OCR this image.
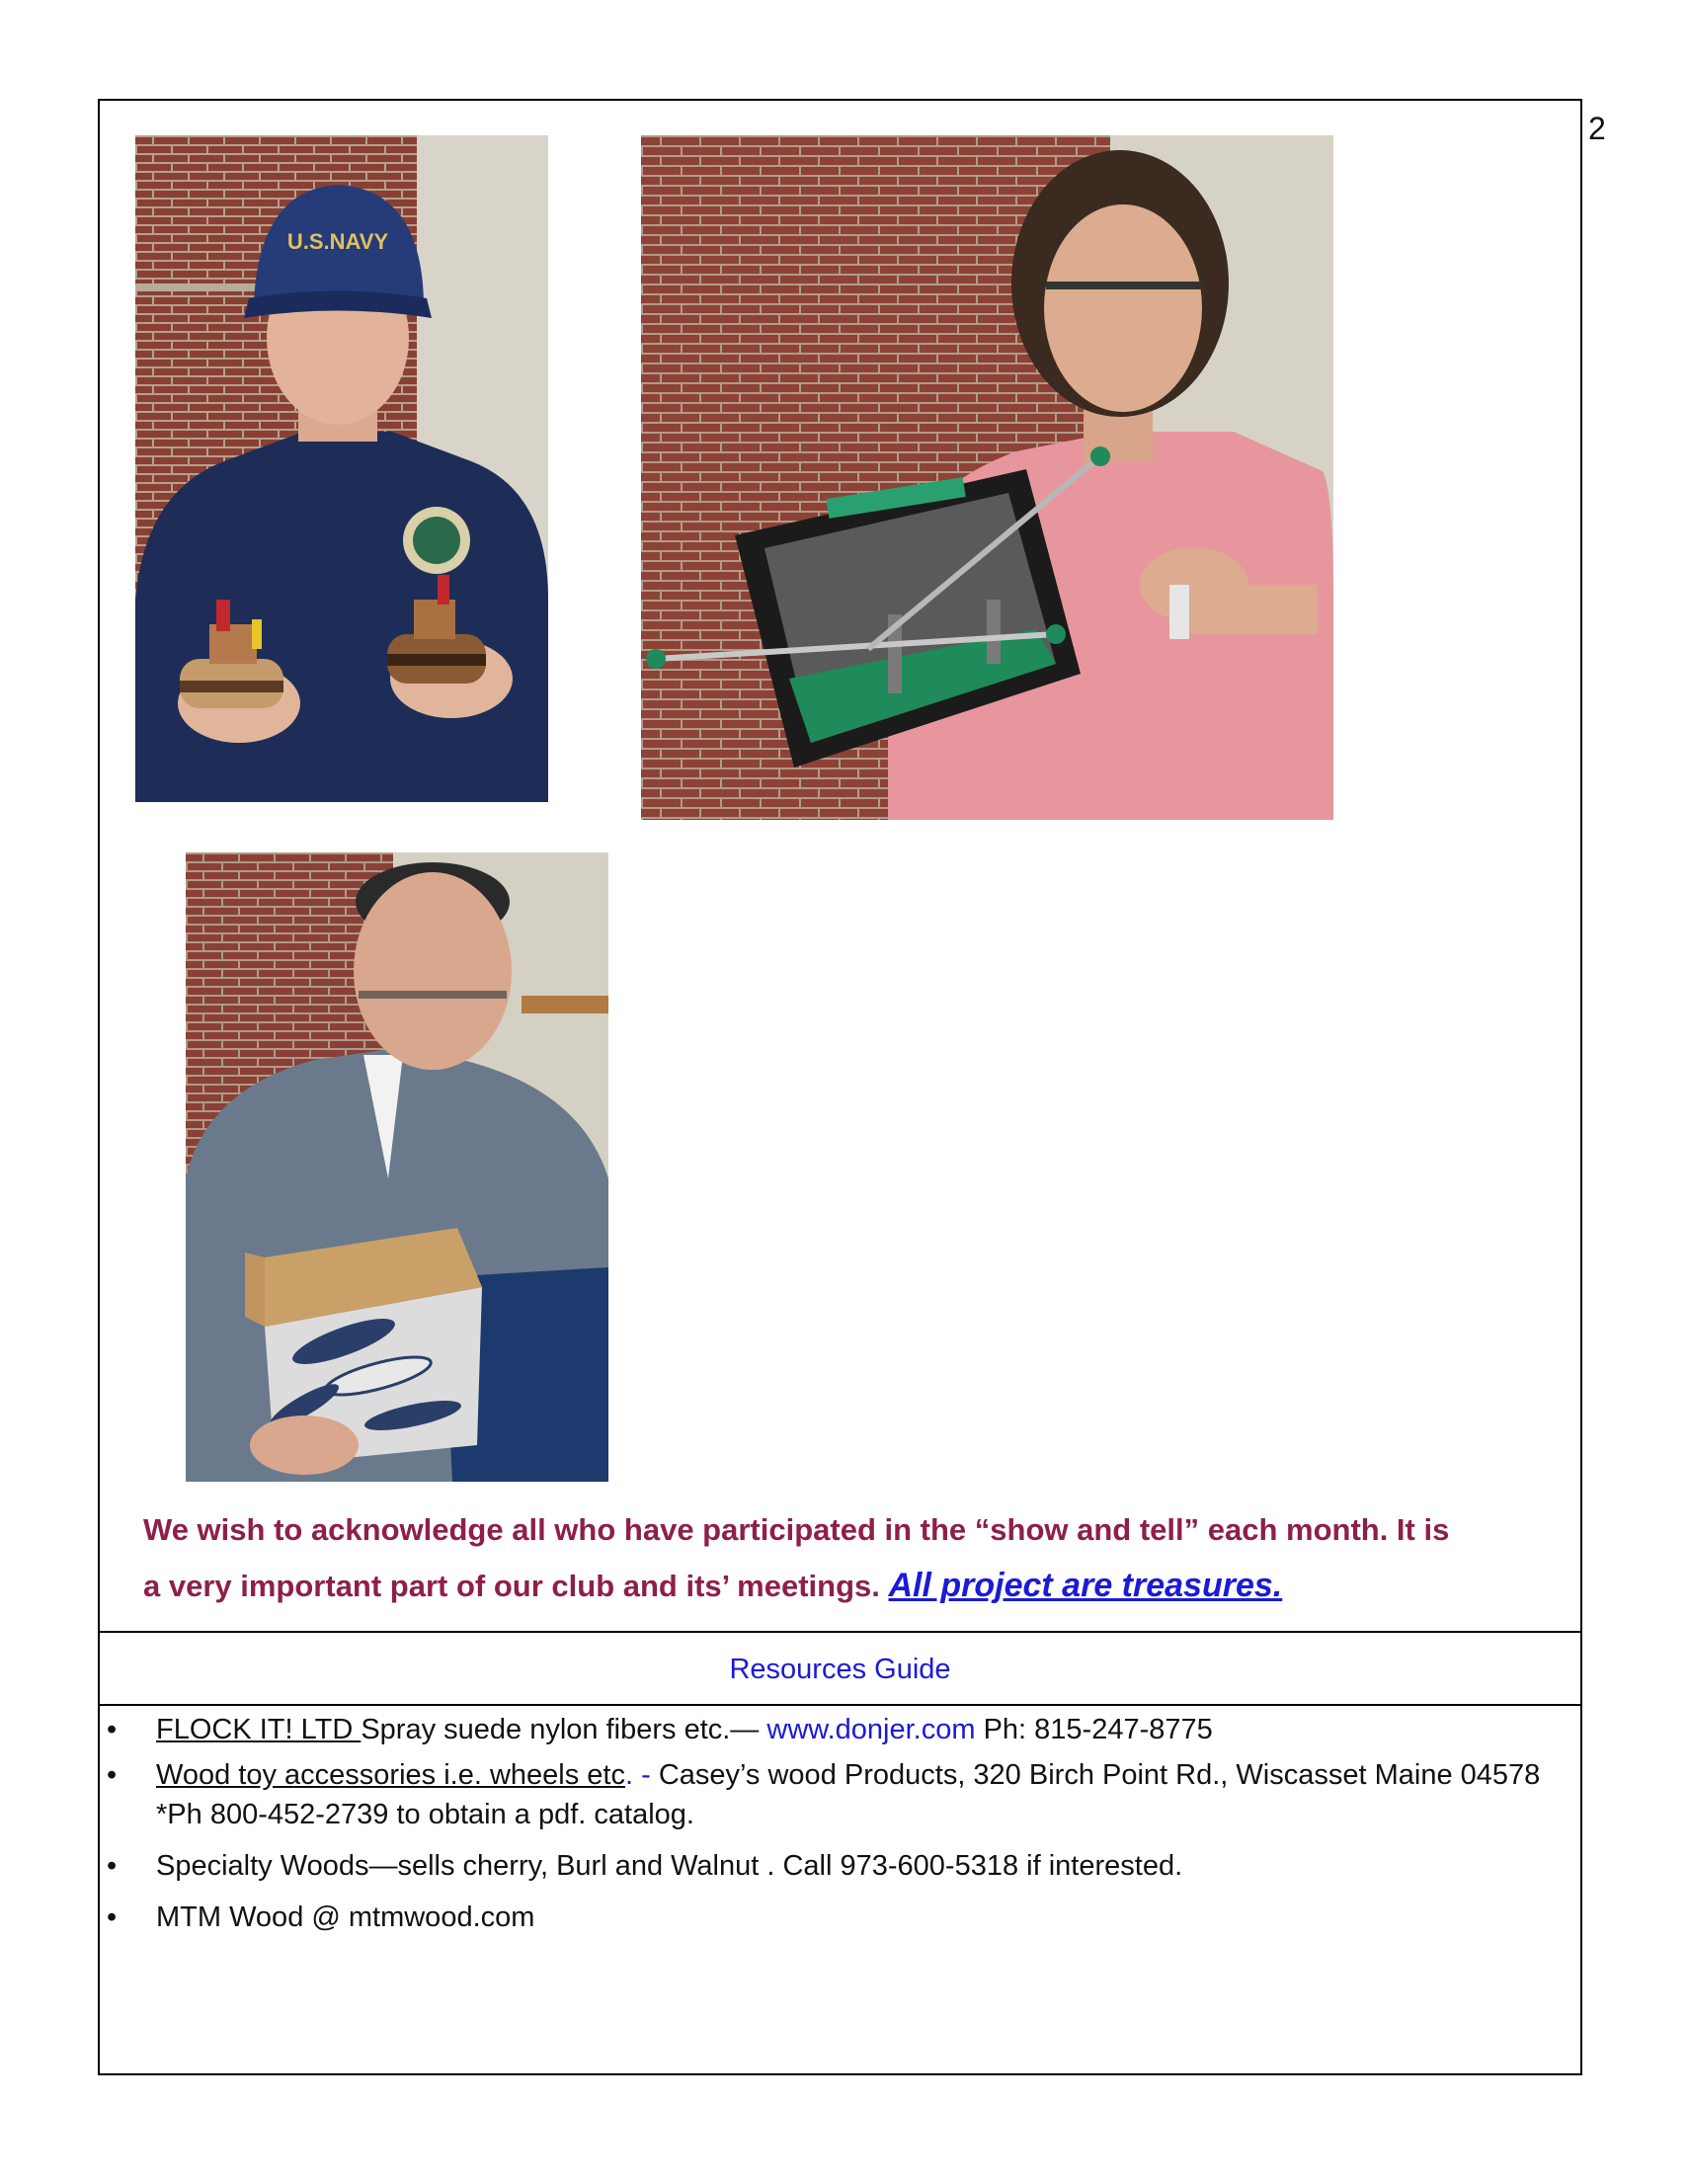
2
U.S.NAVY
We wish to acknowledge all who have participated in the “show and tell” each month. It is
a very important part of our club and its’ meetings. All project are treasures.
Resources Guide
• FLOCK IT! LTD Spray suede nylon fibers etc.— www.donjer.com Ph: 815-247-8775
• Wood toy accessories i.e. wheels etc. - Casey’s wood Products, 320 Birch Point Rd., Wiscasset Maine 04578 *Ph 800-452-2739 to obtain a pdf. catalog.
• Specialty Woods—sells cherry, Burl and Walnut . Call 973-600-5318 if interested.
• MTM Wood @ mtmwood.com
